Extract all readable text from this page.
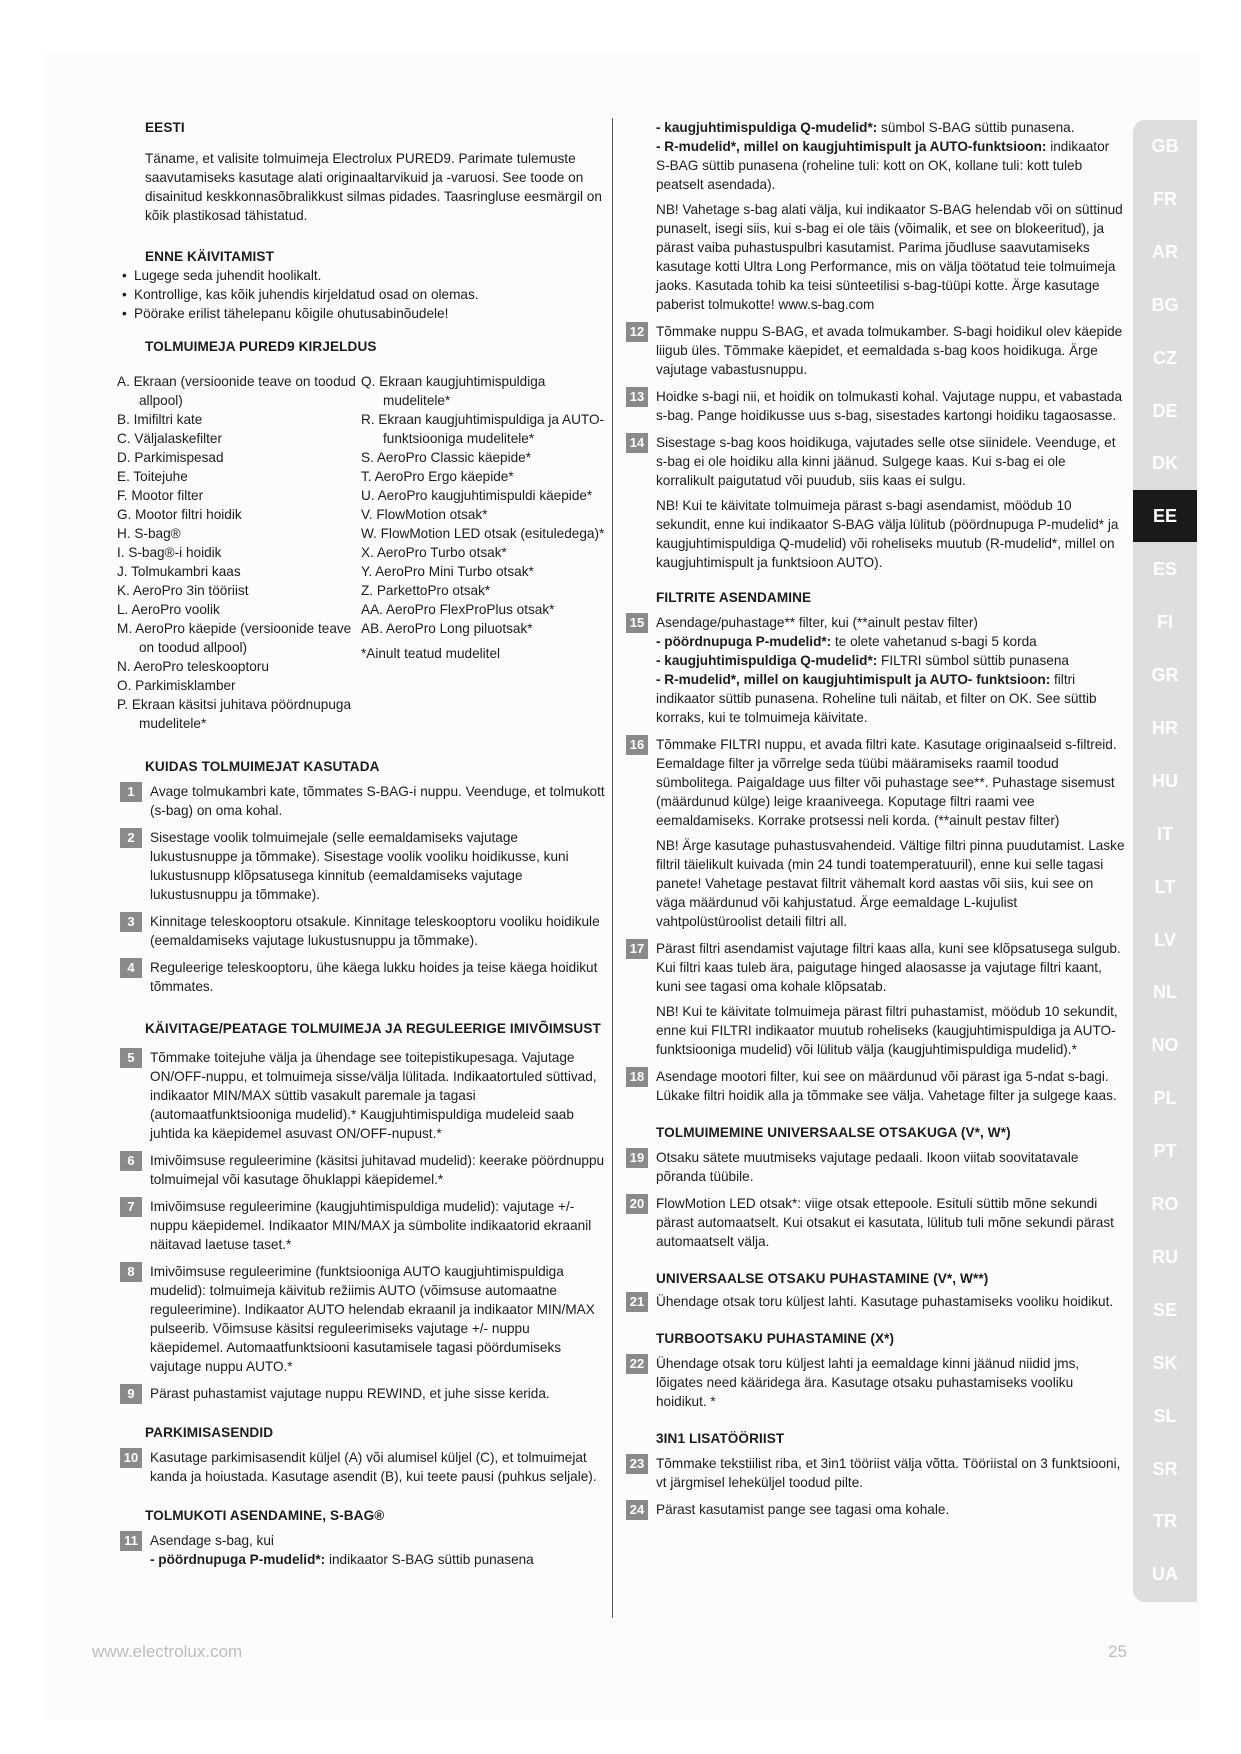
EESTI

Täname, et valisite tolmuimeja Electrolux PURED9. Parimate tulemuste saavutamiseks kasutage alati originaaltarvikuid ja -varuosi. See toode on disainitud keskkonnasõbralikkust silmas pidades. Taasringluse eesmärgil on kõik plastikosad tähistatud.

ENNE KÄIVITAMIST

• Lugege seda juhendit hoolikalt.
• Kontrollige, kas kõik juhendis kirjeldatud osad on olemas.
• Pöörake erilist tähelepanu kõigile ohutusabinõudele!

TOLMUIMEJA PURED9 KIRJELDUS

A. Ekraan (versioonide teave on toodud allpool)
B. Imifiltri kate
C. Väljalaskefilter
D. Parkimispesad
E. Toitejuhe
F. Mootor filter
G. Mootor filtri hoidik
H. S-bag®
I. S-bag®-i hoidik
J. Tolmukambri kaas
K. AeroPro 3in tööriist
L. AeroPro voolik
M. AeroPro käepide (versioonide teave on toodud allpool)
N. AeroPro teleskooptoru
O. Parkimisklamber
P. Ekraan käsitsi juhitava pöördnupuga mudelitele*
Q. Ekraan kaugjuhtimispuldiga mudelitele*
R. Ekraan kaugjuhtimispuldiga ja AUTO-funktsiooniga mudelitele*
S. AeroPro Classic käepide*
T. AeroPro Ergo käepide*
U. AeroPro kaugjuhtimispuldi käepide*
V. FlowMotion otsak*
W. FlowMotion LED otsak (esituledega)*
X. AeroPro Turbo otsak*
Y. AeroPro Mini Turbo otsak*
Z. ParkettoPro otsak*
AA. AeroPro FlexProPlus otsak*
AB. AeroPro Long piluotsak*
*Ainult teatud mudelitel

KUIDAS TOLMUIMEJAT KASUTADA

1	Avage tolmukambri kate, tõmmates S-BAG-i nuppu. Veenduge, et tolmukott (s-bag) on oma kohal.

2	Sisestage voolik tolmuimejale (selle eemaldamiseks vajutage lukustusnuppe ja tõmmake). Sisestage voolik vooliku hoidikusse, kuni lukustusnupp klõpsatusega kinnitub (eemaldamiseks vajutage lukustusnuppu ja tõmmake).

3	Kinnitage teleskooptoru otsakule. Kinnitage teleskooptoru vooliku hoidikule (eemaldamiseks vajutage lukustusnuppu ja tõmmake).

4	Reguleerige teleskooptoru, ühe käega lukku hoides ja teise käega hoidikut tõmmates.

KÄIVITAGE/PEATAGE TOLMUIMEJA JA REGULEERIGE IMIVÕIMSUST

5	Tõmmake toitejuhe välja ja ühendage see toitepistikupesaga. Vajutage ON/OFF-nuppu, et tolmuimeja sisse/välja lülitada. Indikaatortuled süttivad, indikaator MIN/MAX süttib vasakult paremale ja tagasi (automaatfunktsiooniga mudelid).* Kaugjuhtimispuldiga mudeleid saab juhtida ka käepidemel asuvast ON/OFF-nupust.*

6	Imivõimsuse reguleerimine (käsitsi juhitavad mudelid): keerake pöördnuppu tolmuimejal või kasutage õhuklappi käepidemel.*

7	Imivõimsuse reguleerimine (kaugjuhtimispuldiga mudelid): vajutage +/- nuppu käepidemel. Indikaator MIN/MAX ja sümbolite indikaatorid ekraanil näitavad laetuse taset.*

8	Imivõimsuse reguleerimine (funktsiooniga AUTO kaugjuhtimispuldiga mudelid): tolmuimeja käivitub režiimis AUTO (võimsuse automaatne reguleerimine). Indikaator AUTO helendab ekraanil ja indikaator MIN/MAX pulseerib. Võimsuse käsitsi reguleerimiseks vajutage +/- nuppu käepidemel. Automaatfunktsiooni kasutamisele tagasi pöördumiseks vajutage nuppu AUTO.*

9	Pärast puhastamist vajutage nuppu REWIND, et juhe sisse kerida.

PARKIMISASENDID

10 Kasutage parkimisasendit küljel (A) või alumisel küljel (C), et tolmuimejat kanda ja hoiustada. Kasutage asendit (B), kui teete pausi (puhkus seljale).

TOLMUKOTI ASENDAMINE, S-BAG®

11 Asendage s-bag, kui

- pöördnupuga P-mudelid*: indikaator S-BAG süttib punasena

- kaugjuhtimispuldiga Q-mudelid*: sümbol S-BAG süttib punasena.

- R-mudelid*, millel on kaugjuhtimispult ja AUTO-funktsioon: indikaator S-BAG süttib punasena (roheline tuli: kott on OK, kollane tuli: kott tuleb peatselt asendada).

NB! Vahetage s-bag alati välja, kui indikaator S-BAG helendab või on süttinud punaselt, isegi siis, kui s-bag ei ole täis (võimalik, et see on blokeeritud), ja pärast vaiba puhastuspulbri kasutamist. Parima jõudluse saavutamiseks kasutage kotti Ultra Long Performance, mis on välja töötatud teie tolmuimeja jaoks. Kasutada tohib ka teisi sünteetilisi s-bag-tüüpi kotte. Ärge kasutage paberist tolmukotte! www.s-bag.com

12 Tõmmake nuppu S-BAG, et avada tolmukamber. S-bagi hoidikul olev käepide liigub üles. Tõmmake käepidet, et eemaldada s-bag koos hoidikuga. Ärge vajutage vabastusnuppu.

13 Hoidke s-bagi nii, et hoidik on tolmukasti kohal. Vajutage nuppu, et vabastada s-bag. Pange hoidikusse uus s-bag, sisestades kartongi hoidiku tagaosasse.

14 Sisestage s-bag koos hoidikuga, vajutades selle otse siinidele. Veenduge, et s-bag ei ole hoidiku alla kinni jäänud. Sulgege kaas. Kui s-bag ei ole korralikult paigutatud või puudub, siis kaas ei sulgu.

NB! Kui te käivitate tolmuimeja pärast s-bagi asendamist, möödub 10 sekundit, enne kui indikaator S-BAG välja lülitub (pöördnupuga P-mudelid* ja kaugjuhtimispuldiga Q-mudelid) või roheliseks muutub (R-mudelid*, millel on kaugjuhtimispult ja funktsioon AUTO).

FILTRITE ASENDAMINE

15 Asendage/puhastage** filter, kui (**ainult pestav filter)

- pöördnupuga P-mudelid*: te olete vahetanud s-bagi 5 korda

- kaugjuhtimispuldiga Q-mudelid*: FILTRI sümbol süttib punasena

- R-mudelid*, millel on kaugjuhtimispult ja AUTO- funktsioon: filtri indikaator süttib punasena. Roheline tuli näitab, et filter on OK. See süttib korraks, kui te tolmuimeja käivitate.

16 Tõmmake FILTRI nuppu, et avada filtri kate. Kasutage originaalseid s-filtreid. Eemaldage filter ja võrrelge seda tüübi määramiseks raamil toodud sümbolitega. Paigaldage uus filter või puhastage see**. Puhastage sisemust (määrdunud külge) leige kraaniveega. Koputage filtri raami vee eemaldamiseks. Korrake protsessi neli korda. (**ainult pestav filter)

NB! Ärge kasutage puhastusvahendeid. Vältige filtri pinna puudutamist. Laske filtril täielikult kuivada (min 24 tundi toatemperatuuril), enne kui selle tagasi panete! Vahetage pestavat filtrit vähemalt kord aastas või siis, kui see on väga määrdunud või kahjustatud. Ärge eemaldage L-kujulist vahtpolüstüroolist detaili filtri all.

17 Pärast filtri asendamist vajutage filtri kaas alla, kuni see klõpsatusega sulgub. Kui filtri kaas tuleb ära, paigutage hinged alaosasse ja vajutage filtri kaant, kuni see tagasi oma kohale klõpsatab.

NB! Kui te käivitate tolmuimeja pärast filtri puhastamist, möödub 10 sekundit, enne kui FILTRI indikaator muutub roheliseks (kaugjuhtimispuldiga ja AUTO-funktsiooniga mudelid) või lülitub välja (kaugjuhtimispuldiga mudelid).*

18 Asendage mootori filter, kui see on määrdunud või pärast iga 5-ndat s-bagi. Lükake filtri hoidik alla ja tõmmake see välja. Vahetage filter ja sulgege kaas.

TOLMUIMEMINE UNIVERSAALSE OTSAKUGA (V*, W*)

19 Otsaku sätete muutmiseks vajutage pedaali. Ikoon viitab soovitatavale põranda tüübile.

20 FlowMotion LED otsak*: viige otsak ettepoole. Esituli süttib mõne sekundi pärast automaatselt. Kui otsakut ei kasutata, lülitub tuli mõne sekundi pärast automaatselt välja.

UNIVERSAALSE OTSAKU PUHASTAMINE (V*, W**)

21 Ühendage otsak toru küljest lahti. Kasutage puhastamiseks vooliku hoidikut.

TURBOOTSAKU PUHASTAMINE (X*)

22 Ühendage otsak toru küljest lahti ja eemaldage kinni jäänud niidid jms, lõigates need kääridega ära. Kasutage otsaku puhastamiseks vooliku hoidikut. *

3IN1 LISATÖÖRIIST

23 Tõmmake tekstiilist riba, et 3in1 tööriist välja võtta. Tööriistal on 3 funktsiooni, vt järgmisel leheküljel toodud pilte.

24 Pärast kasutamist pange see tagasi oma kohale.

GB
FR
AR
BG
CZ
DE
DK
EE
ES
FI
GR
HR
HU
IT
LT
LV
NL
NO
PL
PT
RO
RU
SE
SK
SL
SR
TR
UA
www.electrolux.com	25
